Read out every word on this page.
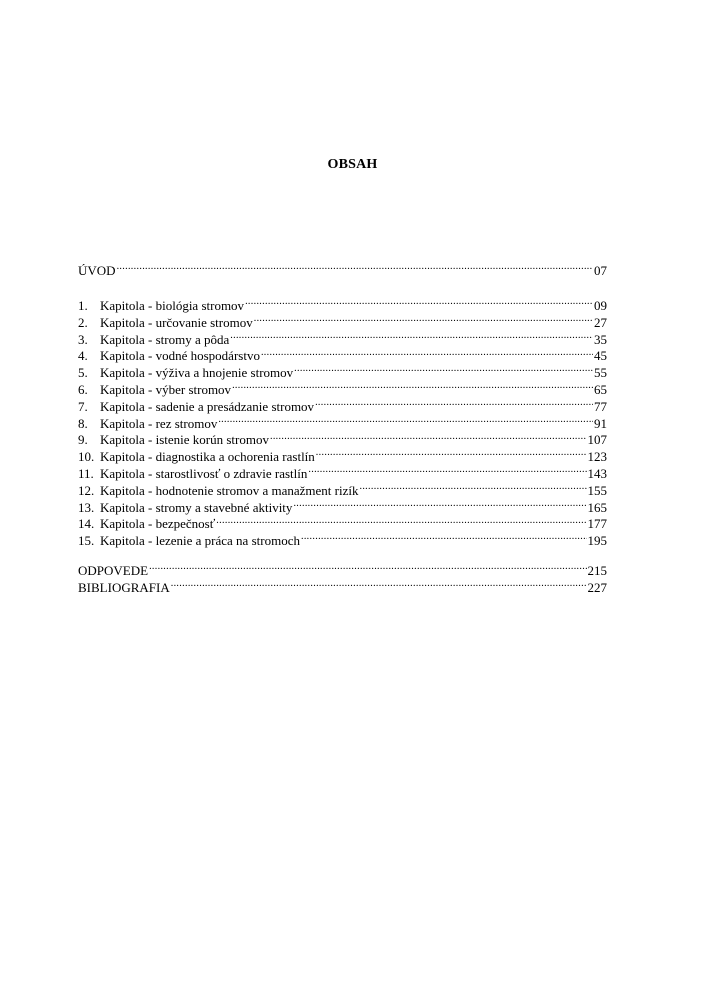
OBSAH
ÚVOD .....	07
1. Kapitola - biológia stromov .....	09
2. Kapitola - určovanie stromov .....	27
3. Kapitola - stromy a pôda .....	35
4. Kapitola - vodné hospodárstvo .....	45
5. Kapitola - výživa a hnojenie stromov .....	55
6. Kapitola - výber stromov .....	65
7. Kapitola - sadenie a presádzanie stromov .....	77
8. Kapitola - rez stromov .....	91
9. Kapitola - istenie korún stromov .....	107
10. Kapitola - diagnostika a ochorenia rastlín .....	123
11. Kapitola - starostlivosť o zdravie rastlín .....	143
12. Kapitola - hodnotenie stromov a manažment rizík .....	155
13. Kapitola - stromy a stavebné aktivity .....	165
14. Kapitola - bezpečnosť .....	177
15. Kapitola - lezenie a práca na stromoch .....	195
ODPOVEDE .....	215
BIBLIOGRAFIA .....	227
